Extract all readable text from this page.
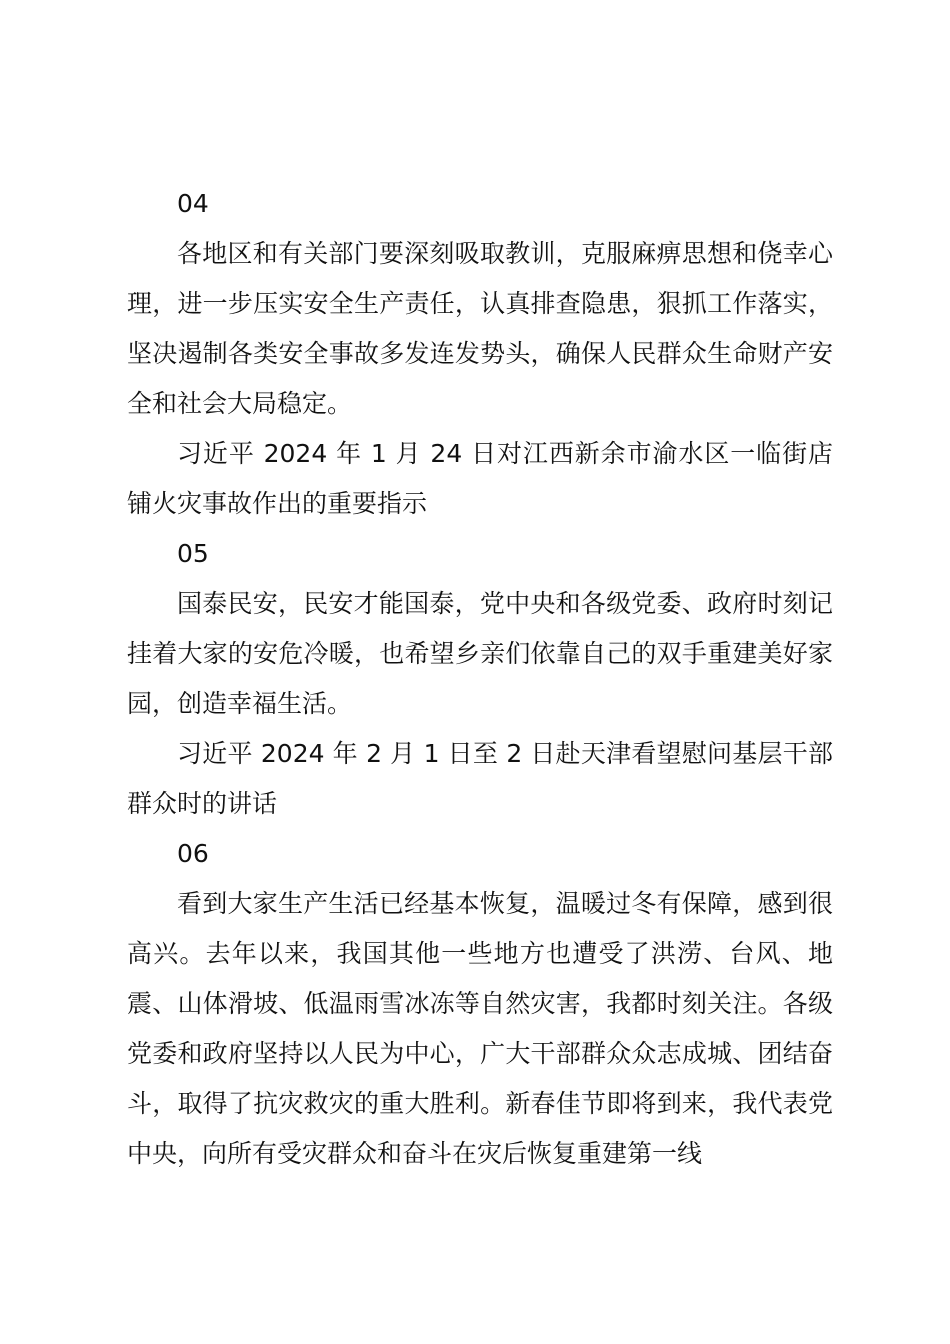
04

各地区和有关部门要深刻吸取教训，克服麻痹思想和侥幸心理，进一步压实安全生产责任，认真排查隐患，狠抓工作落实，坚决遏制各类安全事故多发连发势头，确保人民群众生命财产安全和社会大局稳定。

习近平 2024 年 1 月 24 日对江西新余市渝水区一临街店铺火灾事故作出的重要指示

05

国泰民安，民安才能国泰，党中央和各级党委、政府时刻记挂着大家的安危冷暖，也希望乡亲们依靠自己的双手重建美好家园，创造幸福生活。

习近平 2024 年 2 月 1 日至 2 日赴天津看望慰问基层干部群众时的讲话

06

看到大家生产生活已经基本恢复，温暖过冬有保障，感到很高兴。去年以来，我国其他一些地方也遭受了洪涝、台风、地震、山体滑坡、低温雨雪冰冻等自然灾害，我都时刻关注。各级党委和政府坚持以人民为中心，广大干部群众众志成城、团结奋斗，取得了抗灾救灾的重大胜利。新春佳节即将到来，我代表党中央，向所有受灾群众和奋斗在灾后恢复重建第一线
